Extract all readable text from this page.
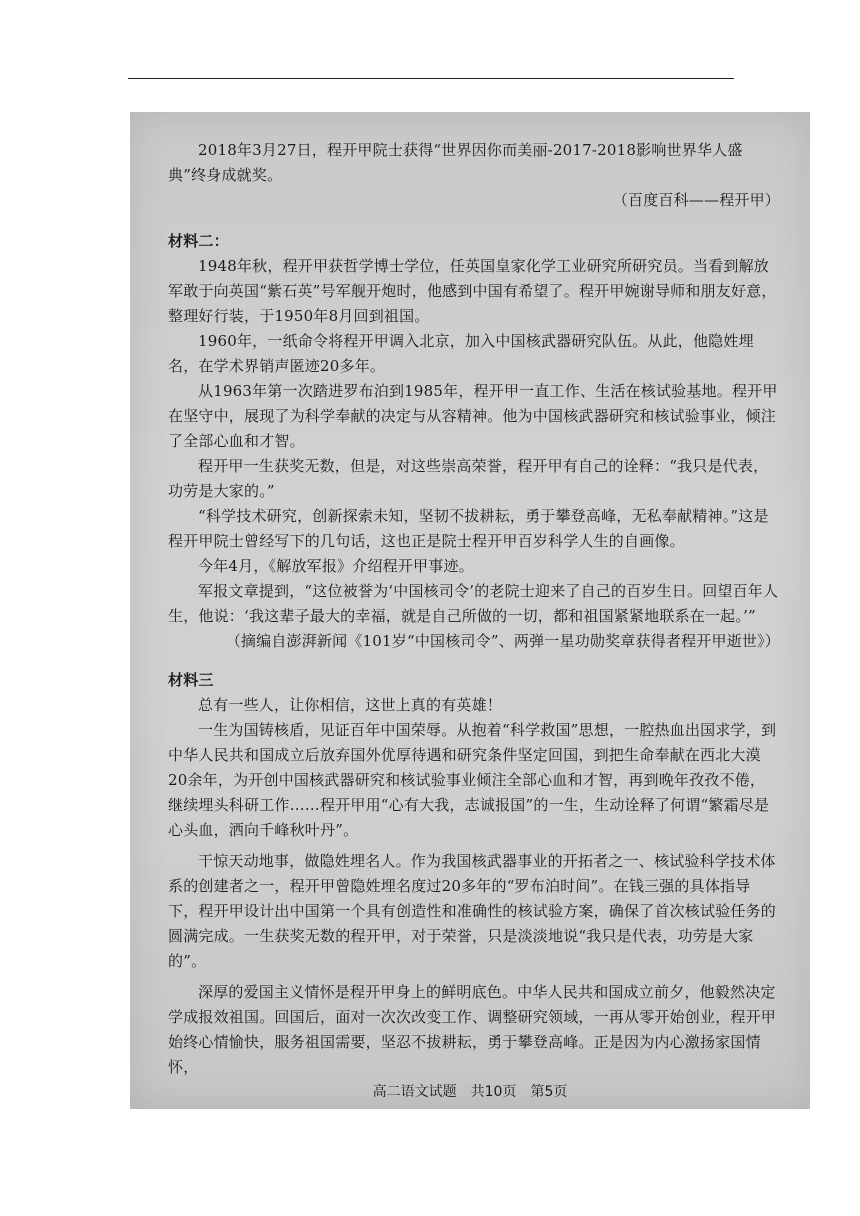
2018年3月27日，程开甲院士获得“世界因你而美丽-2017-2018影响世界华人盛典”终身成就奖。

（百度百科——程开甲）

材料二：

1948年秋，程开甲获哲学博士学位，任英国皇家化学工业研究所研究员。当看到解放军敢于向英国“紫石英”号军舰开炮时，他感到中国有希望了。程开甲婉谢导师和朋友好意，整理好行装，于1950年8月回到祖国。

1960年，一纸命令将程开甲调入北京，加入中国核武器研究队伍。从此，他隐姓埋名，在学术界销声匿迹20多年。

从1963年第一次踏进罗布泊到1985年，程开甲一直工作、生活在核试验基地。程开甲在坚守中，展现了为科学奉献的决定与从容精神。他为中国核武器研究和核试验事业，倾注了全部心血和才智。

程开甲一生获奖无数，但是，对这些崇高荣誉，程开甲有自己的诠释：“我只是代表，功劳是大家的。”

“科学技术研究，创新探索未知，坚韧不拔耕耘，勇于攀登高峰，无私奉献精神。”这是程开甲院士曾经写下的几句话，这也正是院士程开甲百岁科学人生的自画像。

今年4月，《解放军报》介绍程开甲事迹。

军报文章提到，“这位被誉为‘中国核司令’的老院士迎来了自己的百岁生日。回望百年人生，他说：‘我这辈子最大的幸福，就是自己所做的一切，都和祖国紧紧地联系在一起。’”

（摘编自澎湃新闻《101岁“中国核司令”、两弹一星功勋奖章获得者程开甲逝世》）

材料三

总有一些人，让你相信，这世上真的有英雄！

一生为国铸核盾，见证百年中国荣辱。从抱着“科学救国”思想，一腔热血出国求学，到中华人民共和国成立后放弃国外优厚待遇和研究条件坚定回国，到把生命奉献在西北大漠20余年，为开创中国核武器研究和核试验事业倾注全部心血和才智，再到晚年孜孜不倦，继续埋头科研工作……程开甲用“心有大我，志诚报国”的一生，生动诠释了何谓“繁霜尽是心头血，洒向千峰秋叶丹”。

干惊天动地事，做隐姓埋名人。作为我国核武器事业的开拓者之一、核试验科学技术体系的创建者之一，程开甲曾隐姓埋名度过20多年的“罗布泊时间”。在钱三强的具体指导下，程开甲设计出中国第一个具有创造性和准确性的核试验方案，确保了首次核试验任务的圆满完成。一生获奖无数的程开甲，对于荣誉，只是淡淡地说“我只是代表，功劳是大家的”。

深厚的爱国主义情怀是程开甲身上的鲜明底色。中华人民共和国成立前夕，他毅然决定学成报效祖国。回国后，面对一次次改变工作、调整研究领域，一再从零开始创业，程开甲始终心情愉快，服务祖国需要，坚忍不拔耕耘，勇于攀登高峰。正是因为内心激扬家国情怀，

高二语文试题　共10页　第5页
